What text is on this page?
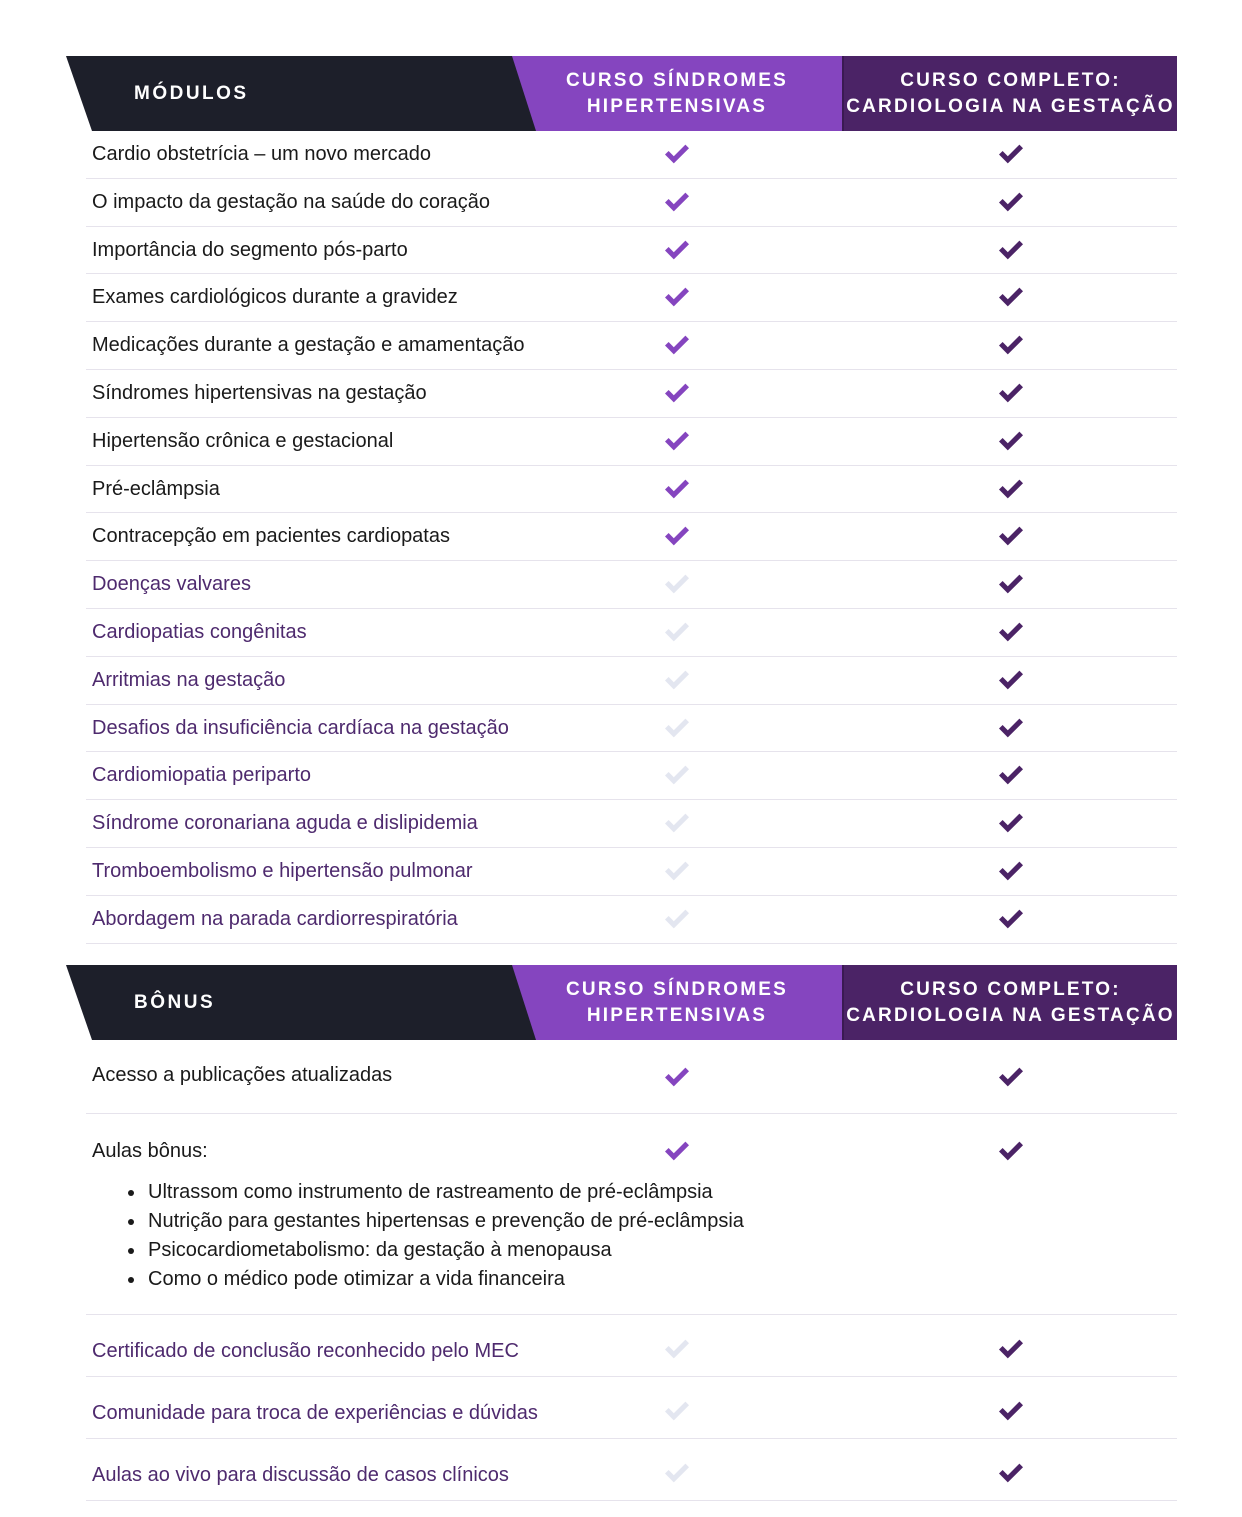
MÓDULOS
CURSO SÍNDROMES HIPERTENSIVAS
CURSO COMPLETO: CARDIOLOGIA NA GESTAÇÃO
Cardio obstetrícia – um novo mercado
O impacto da gestação na saúde do coração
Importância do segmento pós-parto
Exames cardiológicos durante a gravidez
Medicações durante a gestação e amamentação
Síndromes hipertensivas na gestação
Hipertensão crônica e gestacional
Pré-eclâmpsia
Contracepção em pacientes cardiopatas
Doenças valvares
Cardiopatias congênitas
Arritmias na gestação
Desafios da insuficiência cardíaca na gestação
Cardiomiopatia periparto
Síndrome coronariana aguda e dislipidemia
Tromboembolismo e hipertensão pulmonar
Abordagem na parada cardiorrespiratória
BÔNUS
CURSO SÍNDROMES HIPERTENSIVAS
CURSO COMPLETO: CARDIOLOGIA NA GESTAÇÃO
Acesso a publicações atualizadas
Aulas bônus:
Ultrassom como instrumento de rastreamento de pré-eclâmpsia
Nutrição para gestantes hipertensas e prevenção de pré-eclâmpsia
Psicocardiometabolismo: da gestação à menopausa
Como o médico pode otimizar a vida financeira
Certificado de conclusão reconhecido pelo MEC
Comunidade para troca de experiências e dúvidas
Aulas ao vivo para discussão de casos clínicos
